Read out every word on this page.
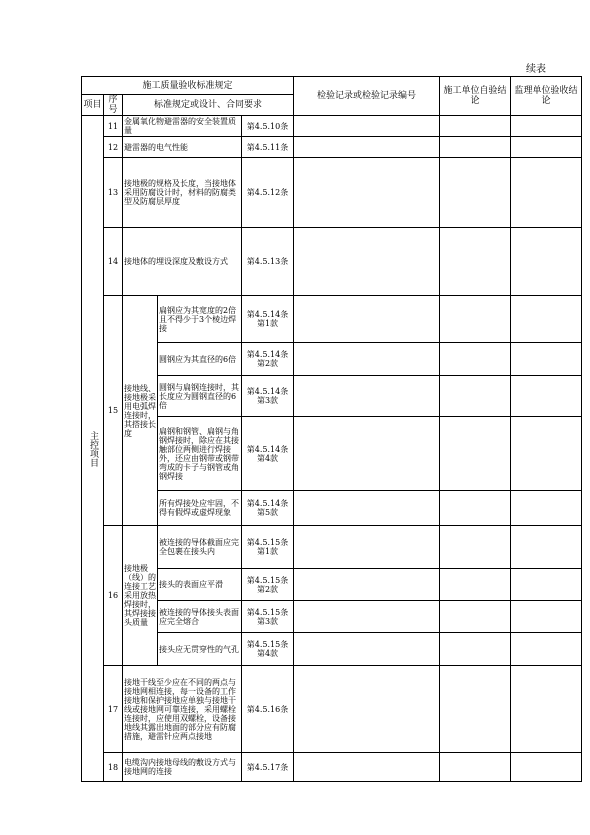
续表
施工质量验收标准规定					检验记录或检验记录编号	施工单位自验结论	监理单位验收结论
项目	序号	标准规定或设计、合同要求					

主控项目	11	金属氧化物避雷器的安全装置质量		第4.5.10条			
	12	避雷器的电气性能		第4.5.11条			
	13	接地极的规格及长度，当接地体采用防腐设计时，材料的防腐类型及防腐层厚度		第4.5.12条			
	14	接地体的埋设深度及敷设方式		第4.5.13条			
	15	接地线、接地极采用电弧焊连接时，其搭接长度	扁钢应为其宽度的2倍且不得少于3个棱边焊接	第4.5.14条第1款			
			圆钢应为其直径的6倍	第4.5.14条第2款			
			圆钢与扁钢连接时，其长度应为圆钢直径的6倍	第4.5.14条第3款			
			扁钢和钢管、扁钢与角钢焊接时，除应在其接触部位两侧进行焊接外，还应由钢带或钢带弯成的卡子与钢管或角钢焊接	第4.5.14条第4款			
			所有焊接处应牢固，不得有假焊或虚焊现象	第4.5.14条第5款			
	16	接地极（线）的连接工艺采用放热焊接时，其焊接接头质量	被连接的导体截面应完全包裹在接头内	第4.5.15条第1款			
			接头的表面应平滑	第4.5.15条第2款			
			被连接的导体接头表面应完全熔合	第4.5.15条第3款			
			接头应无贯穿性的气孔	第4.5.15条第4款			
	17	接地干线至少应在不同的两点与接地网相连接，每一设备的工作接地和保护接地应单独与接地干线或接地网可靠连接，采用螺栓连接时，应使用双螺栓，设备接地线其露出地面的部分应有防腐措施，避雷针应两点接地		第4.5.16条			
	18	电缆沟内接地母线的敷设方式与接地网的连接		第4.5.17条			
